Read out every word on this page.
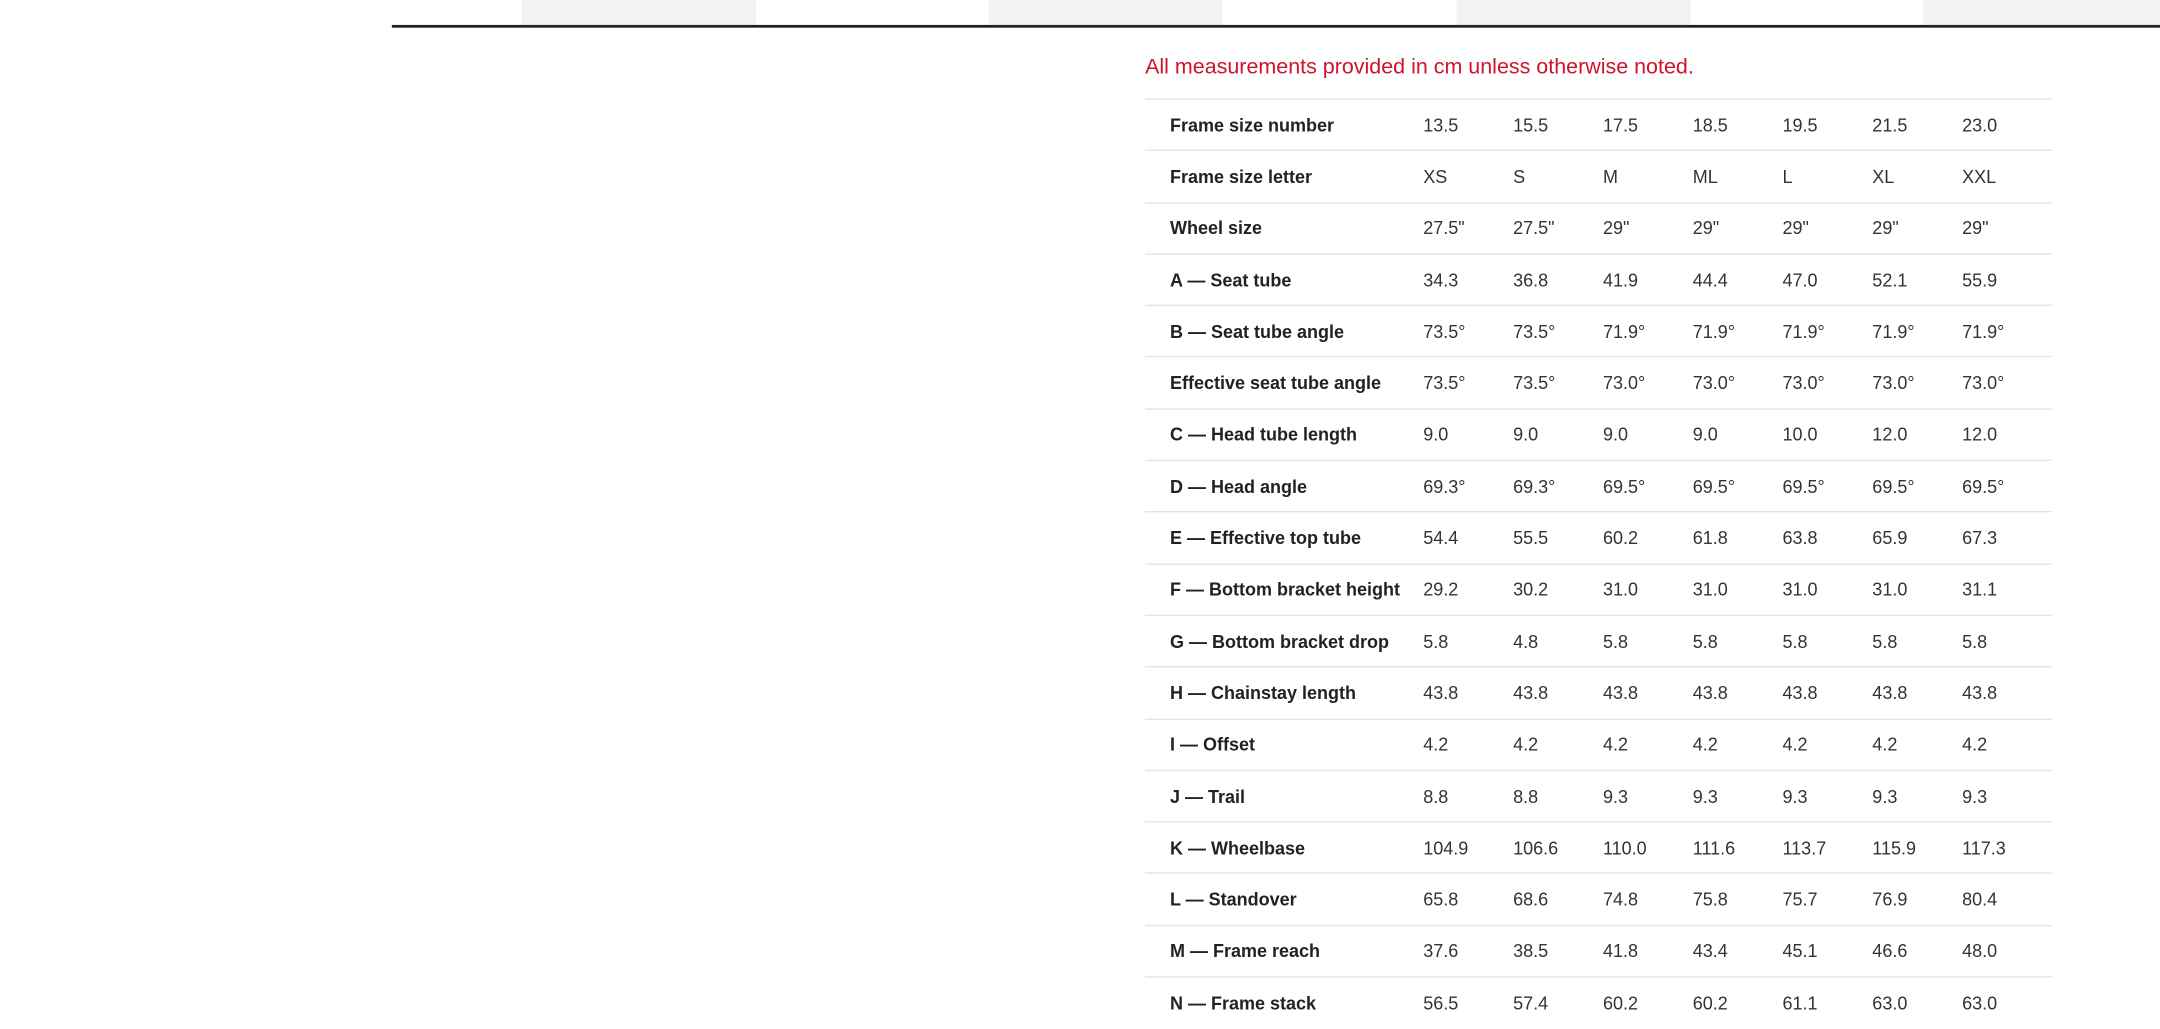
All measurements provided in cm unless otherwise noted.
Frame size number	13.5	15.5	17.5	18.5	19.5	21.5	23.0
Frame size letter	XS	S	M	ML	L	XL	XXL
Wheel size	27.5"	27.5"	29"	29"	29"	29"	29"
A — Seat tube	34.3	36.8	41.9	44.4	47.0	52.1	55.9
B — Seat tube angle	73.5°	73.5°	71.9°	71.9°	71.9°	71.9°	71.9°
Effective seat tube angle	73.5°	73.5°	73.0°	73.0°	73.0°	73.0°	73.0°
C — Head tube length	9.0	9.0	9.0	9.0	10.0	12.0	12.0
D — Head angle	69.3°	69.3°	69.5°	69.5°	69.5°	69.5°	69.5°
E — Effective top tube	54.4	55.5	60.2	61.8	63.8	65.9	67.3
F — Bottom bracket height	29.2	30.2	31.0	31.0	31.0	31.0	31.1
G — Bottom bracket drop	5.8	4.8	5.8	5.8	5.8	5.8	5.8
H — Chainstay length	43.8	43.8	43.8	43.8	43.8	43.8	43.8
I — Offset	4.2	4.2	4.2	4.2	4.2	4.2	4.2
J — Trail	8.8	8.8	9.3	9.3	9.3	9.3	9.3
K — Wheelbase	104.9	106.6	110.0	111.6	113.7	115.9	117.3
L — Standover	65.8	68.6	74.8	75.8	75.7	76.9	80.4
M — Frame reach	37.6	38.5	41.8	43.4	45.1	46.6	48.0
N — Frame stack	56.5	57.4	60.2	60.2	61.1	63.0	63.0
